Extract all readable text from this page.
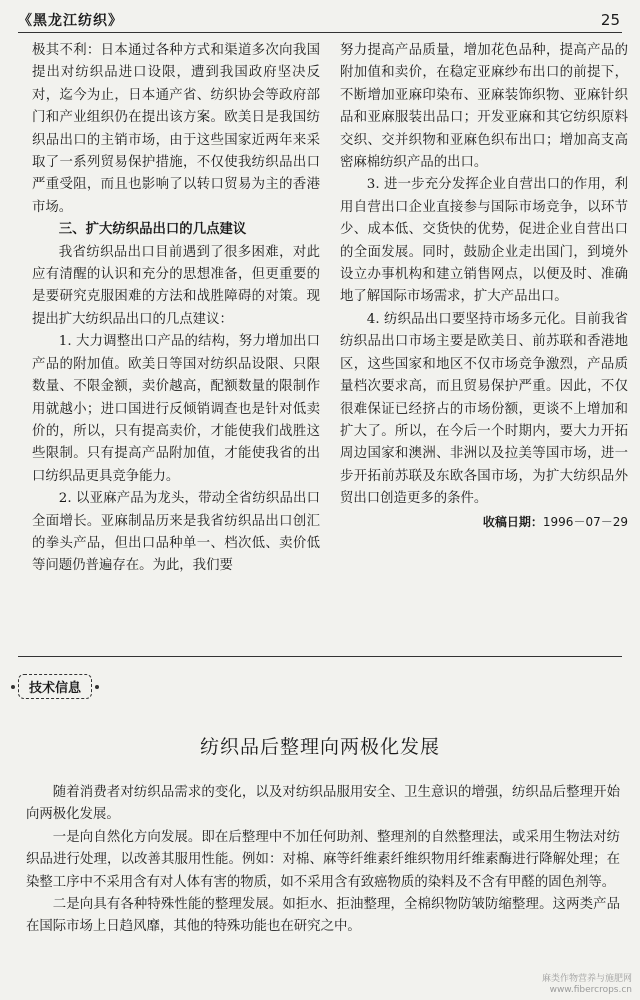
《黑龙江纺织》	25

极其不利：日本通过各种方式和渠道多次向我国提出对纺织品进口设限，遭到我国政府坚决反对，迄今为止，日本通产省、纺织协会等政府部门和产业组织仍在提出该方案。欧美日是我国纺织品出口的主销市场，由于这些国家近两年来采取了一系列贸易保护措施，不仅使我纺织品出口严重受阻，而且也影响了以转口贸易为主的香港市场。

三、扩大纺织品出口的几点建议

我省纺织品出口目前遇到了很多困难，对此应有清醒的认识和充分的思想准备，但更重要的是要研究克服困难的方法和战胜障碍的对策。现提出扩大纺织品出口的几点建议：

1. 大力调整出口产品的结构，努力增加出口产品的附加值。欧美日等国对纺织品设限、只限数量、不限金额，卖价越高，配额数量的限制作用就越小；进口国进行反倾销调查也是针对低卖价的，所以，只有提高卖价，才能使我们战胜这些限制。只有提高产品附加值，才能使我省的出口纺织品更具竞争能力。

2. 以亚麻产品为龙头，带动全省纺织品出口全面增长。亚麻制品历来是我省纺织品出口创汇的拳头产品，但出口品种单一、档次低、卖价低等问题仍普遍存在。为此，我们要

努力提高产品质量，增加花色品种，提高产品的附加值和卖价，在稳定亚麻纱布出口的前提下，不断增加亚麻印染布、亚麻装饰织物、亚麻针织品和亚麻服装出品口；开发亚麻和其它纺织原料交织、交并织物和亚麻色织布出口；增加高支高密麻棉纺织产品的出口。

3. 进一步充分发挥企业自营出口的作用，利用自营出口企业直接参与国际市场竞争，以环节少、成本低、交货快的优势，促进企业自营出口的全面发展。同时，鼓励企业走出国门，到境外设立办事机构和建立销售网点，以便及时、准确地了解国际市场需求，扩大产品出口。

4. 纺织品出口要坚持市场多元化。目前我省纺织品出口市场主要是欧美日、前苏联和香港地区，这些国家和地区不仅市场竞争激烈，产品质量档次要求高，而且贸易保护严重。因此，不仅很难保证已经挤占的市场份额，更谈不上增加和扩大了。所以，在今后一个时期内，要大力开拓周边国家和澳洲、非洲以及拉美等国市场，进一步开拓前苏联及东欧各国市场，为扩大纺织品外贸出口创造更多的条件。

收稿日期：1996－07－29

技术信息
纺织品后整理向两极化发展

随着消费者对纺织品需求的变化，以及对纺织品服用安全、卫生意识的增强，纺织品后整理开始向两极化发展。

一是向自然化方向发展。即在后整理中不加任何助剂、整理剂的自然整理法，或采用生物法对纺织品进行处理，以改善其服用性能。例如：对棉、麻等纤维素纤维织物用纤维素酶进行降解处理；在染整工序中不采用含有对人体有害的物质，如不采用含有致癌物质的染料及不含有甲醛的固色剂等。

二是向具有各种特殊性能的整理发展。如拒水、拒油整理，全棉织物防皱防缩整理。这两类产品在国际市场上日趋风靡，其他的特殊功能也在研究之中。

麻类作物营养与施肥网
www.fibercrops.cn
